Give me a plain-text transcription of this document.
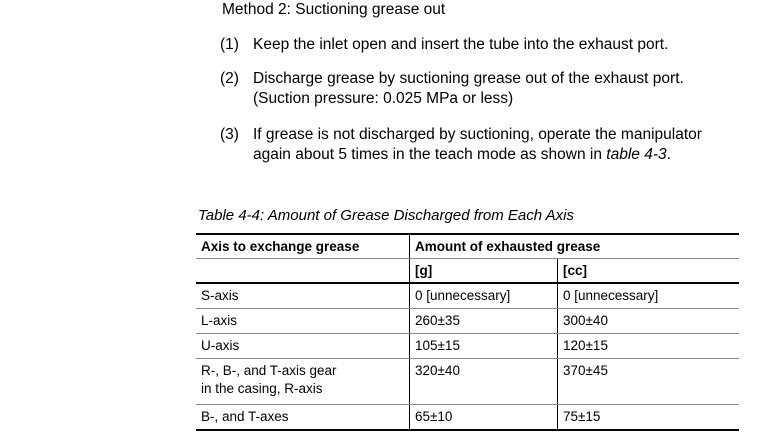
Method 2: Suctioning grease out
(1) Keep the inlet open and insert the tube into the exhaust port.
(2) Discharge grease by suctioning grease out of the exhaust port.
(Suction pressure: 0.025 MPa or less)
(3) If grease is not discharged by suctioning, operate the manipulator
again about 5 times in the teach mode as shown in table 4-3.
Table 4-4: Amount of Grease Discharged from Each Axis
Axis to exchange grease	Amount of exhausted grease	
	[g]	[cc]
S-axis	0 [unnecessary]	0 [unnecessary]
L-axis	260±35	300±40
U-axis	105±15	120±15
R-, B-, and T-axis gear
in the casing, R-axis	320±40	370±45
B-, and T-axes	65±10	75±15
